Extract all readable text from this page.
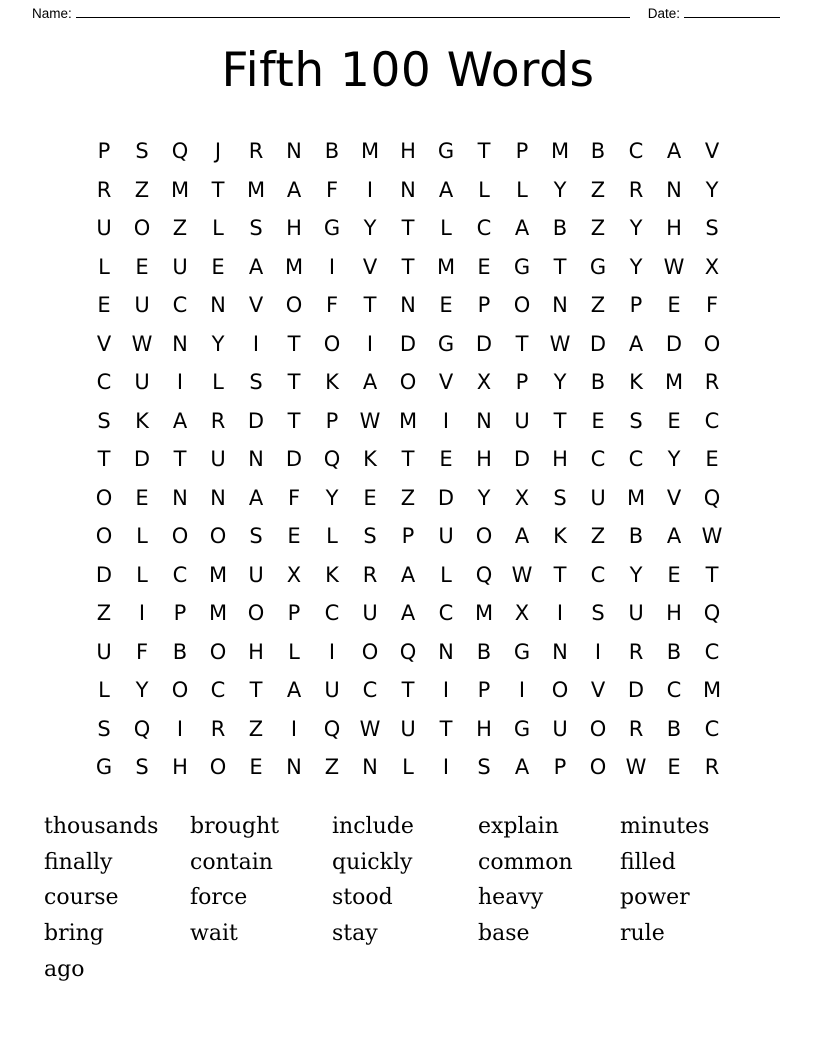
Name:	Date:
Fifth 100 Words
P	S	Q	J	R	N	B	M	H	G	T	P	M	B	C	A	V
R	Z	M	T	M	A	F	I	N	A	L	L	Y	Z	R	N	Y
U	O	Z	L	S	H	G	Y	T	L	C	A	B	Z	Y	H	S
L	E	U	E	A	M	I	V	T	M	E	G	T	G	Y	W X
E	U	C	N	V	O	F	T	N	E	P	O	N	Z	P	E	F
V W N	Y	I	T	O	I	D	G	D	T	W D	A	D	O
C	U	I	L	S	T	K	A	O	V	X	P	Y	B	K	M	R
S	K	A	R	D	T	P	W M	I	N	U	T	E	S	E	C
T	D	T	U	N	D	Q	K	T	E	H	D	H	C	C	Y	E
O	E	N	N	A	F	Y	E	Z	D	Y	X	S	U	M	V	Q
O	L	O	O	S	E	L	S	P	U	O	A	K	Z	B	A W
D	L	C	M	U	X	K	R	A	L	Q W	T	C	Y	E	T
Z	I	P	M O	P	C	U	A	C	M	X	I	S	U	H	Q
U	F	B	O	H	L	I	O	Q	N	B	G	N	I	R	B	C
L	Y	O	C	T	A	U	C	T	I	P	I	O	V	D	C	M
S	Q	I	R	Z	I	Q W U	T	H	G	U	O	R	B	C
G	S	H	O	E	N	Z	N	L	I	S	A	P	O W E	R
thousands
finally
course
bring
ago
brought
contain
force
wait
include
quickly
stood
stay
explain
common
heavy
base
minutes
filled
power
rule
